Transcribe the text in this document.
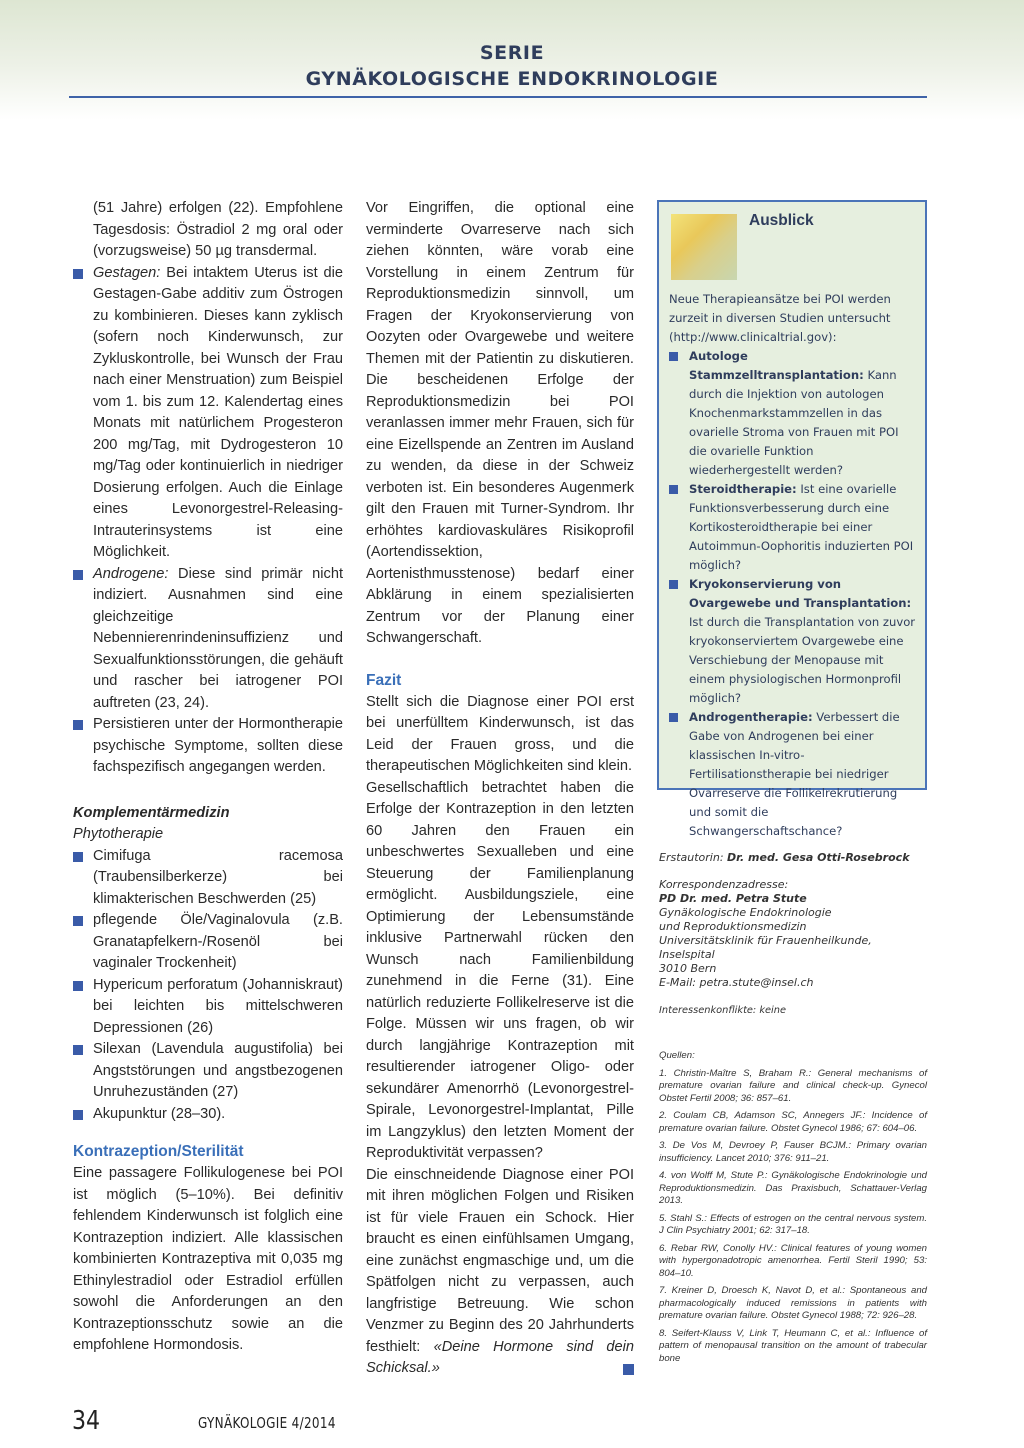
SERIE
GYNÄKOLOGISCHE ENDOKRINOLOGIE

(51 Jahre) erfolgen (22). Empfohlene Tagesdosis: Östradiol 2 mg oral oder (vorzugsweise) 50 µg transdermal.

Gestagen: Bei intaktem Uterus ist die Gestagen-Gabe additiv zum Östrogen zu kombinieren. Dieses kann zyklisch (sofern noch Kinderwunsch, zur Zykluskontrolle, bei Wunsch der Frau nach einer Menstruation) zum Beispiel vom 1. bis zum 12. Kalendertag eines Monats mit natürlichem Progesteron 200 mg/Tag, mit Dydrogesteron 10 mg/Tag oder kontinuierlich in niedriger Dosierung erfolgen. Auch die Einlage eines Levonorgestrel-Releasing-Intrauterinsystems ist eine Möglichkeit.
Androgene: Diese sind primär nicht indiziert. Ausnahmen sind eine gleichzeitige Nebennierenrindeninsuffizienz und Sexualfunktionsstörungen, die gehäuft und rascher bei iatrogener POI auftreten (23, 24).
Persistieren unter der Hormontherapie psychische Symptome, sollten diese fachspezifisch angegangen werden.
Komplementärmedizin
Phytotherapie
Cimifuga racemosa (Traubensilberkerze) bei klimakterischen Beschwerden (25)
pflegende Öle/Vaginalovula (z.B. Granatapfelkern-/Rosenöl bei vaginaler Trockenheit)
Hypericum perforatum (Johanniskraut) bei leichten bis mittelschweren Depressionen (26)
Silexan (Lavendula augustifolia) bei Angststörungen und angstbezogenen Unruhezuständen (27)
Akupunktur (28–30).
Kontrazeption/Sterilität

Eine passagere Follikulogenese bei POI ist möglich (5–10%). Bei definitiv fehlendem Kinderwunsch ist folglich eine Kontrazeption indiziert. Alle klassischen kombinierten Kontrazeptiva mit 0,035 mg Ethinylestradiol oder Estradiol erfüllen sowohl die Anforderungen an den Kontrazeptionsschutz sowie an die empfohlene Hormondosis.

Vor Eingriffen, die optional eine verminderte Ovarreserve nach sich ziehen könnten, wäre vorab eine Vorstellung in einem Zentrum für Reproduktionsmedizin sinnvoll, um Fragen der Kryokonservierung von Oozyten oder Ovargewebe und weitere Themen mit der Patientin zu diskutieren. Die bescheidenen Erfolge der Reproduktionsmedizin bei POI veranlassen immer mehr Frauen, sich für eine Eizellspende an Zentren im Ausland zu wenden, da diese in der Schweiz verboten ist. Ein besonderes Augenmerk gilt den Frauen mit Turner-Syndrom. Ihr erhöhtes kardiovaskuläres Risikoprofil (Aortendissektion, Aortenisthmusstenose) bedarf einer Abklärung in einem spezialisierten Zentrum vor der Planung einer Schwangerschaft.

Fazit

Stellt sich die Diagnose einer POI erst bei unerfülltem Kinderwunsch, ist das Leid der Frauen gross, und die therapeutischen Möglichkeiten sind klein.

Gesellschaftlich betrachtet haben die Erfolge der Kontrazeption in den letzten 60 Jahren den Frauen ein unbeschwertes Sexualleben und eine Steuerung der Familienplanung ermöglicht. Ausbildungsziele, eine Optimierung der Lebensumstände inklusive Partnerwahl rücken den Wunsch nach Familienbildung zunehmend in die Ferne (31). Eine natürlich reduzierte Follikelreserve ist die Folge. Müssen wir uns fragen, ob wir durch langjährige Kontrazeption mit resultierender iatrogener Oligo- oder sekundärer Amenorrhö (Levonorgestrel-Spirale, Levonorgestrel-Implantat, Pille im Langzyklus) den letzten Moment der Reproduktivität verpassen?

Die einschneidende Diagnose einer POI mit ihren möglichen Folgen und Risiken ist für viele Frauen ein Schock. Hier braucht es einen einfühlsamen Umgang, eine zunächst engmaschige und, um die Spätfolgen nicht zu verpassen, auch langfristige Betreuung. Wie schon Venzmer zu Beginn des 20 Jahrhunderts festhielt: «Deine Hormone sind dein Schicksal.»

Ausblick
Neue Therapieansätze bei POI werden zurzeit in diversen Studien untersucht (http://www.clinicaltrial.gov):
Autologe Stammzelltransplantation: Kann durch die Injektion von autologen Knochenmarkstammzellen in das ovarielle Stroma von Frauen mit POI die ovarielle Funktion wiederhergestellt werden?
Steroidtherapie: Ist eine ovarielle Funktionsverbesserung durch eine Kortikosteroidtherapie bei einer Autoimmun-Oophoritis induzierten POI möglich?
Kryokonservierung von Ovargewebe und Transplantation: Ist durch die Transplantation von zuvor kryokonserviertem Ovargewebe eine Verschiebung der Menopause mit einem physiologischen Hormonprofil möglich?
Androgentherapie: Verbessert die Gabe von Androgenen bei einer klassischen In-vitro-Fertilisationstherapie bei niedriger Ovarreserve die Follikelrekrutierung und somit die Schwangerschaftschance?
Erstautorin: Dr. med. Gesa Otti-Rosebrock
Korrespondenzadresse:
PD Dr. med. Petra Stute
Gynäkologische Endokrinologie
und Reproduktionsmedizin
Universitätsklinik für Frauenheilkunde, Inselspital
3010 Bern
E-Mail: petra.stute@insel.ch
Interessenkonflikte: keine
Quellen:
1. Christin-Maître S, Braham R.: General mechanisms of premature ovarian failure and clinical check-up. Gynecol Obstet Fertil 2008; 36: 857–61.
2. Coulam CB, Adamson SC, Annegers JF.: Incidence of premature ovarian failure. Obstet Gynecol 1986; 67: 604–06.
3. De Vos M, Devroey P, Fauser BCJM.: Primary ovarian insufficiency. Lancet 2010; 376: 911–21.
4. von Wolff M, Stute P.: Gynäkologische Endokrinologie und Reproduktionsmedizin. Das Praxisbuch, Schattauer-Verlag 2013.
5. Stahl S.: Effects of estrogen on the central nervous system. J Clin Psychiatry 2001; 62: 317–18.
6. Rebar RW, Conolly HV.: Clinical features of young women with hypergonadotropic amenorrhea. Fertil Steril 1990; 53: 804–10.
7. Kreiner D, Droesch K, Navot D, et al.: Spontaneous and pharmacologically induced remissions in patients with premature ovarian failure. Obstet Gynecol 1988; 72: 926–28.
8. Seifert-Klauss V, Link T, Heumann C, et al.: Influence of pattern of menopausal transition on the amount of trabecular bone
34	GYNÄKOLOGIE 4/2014
